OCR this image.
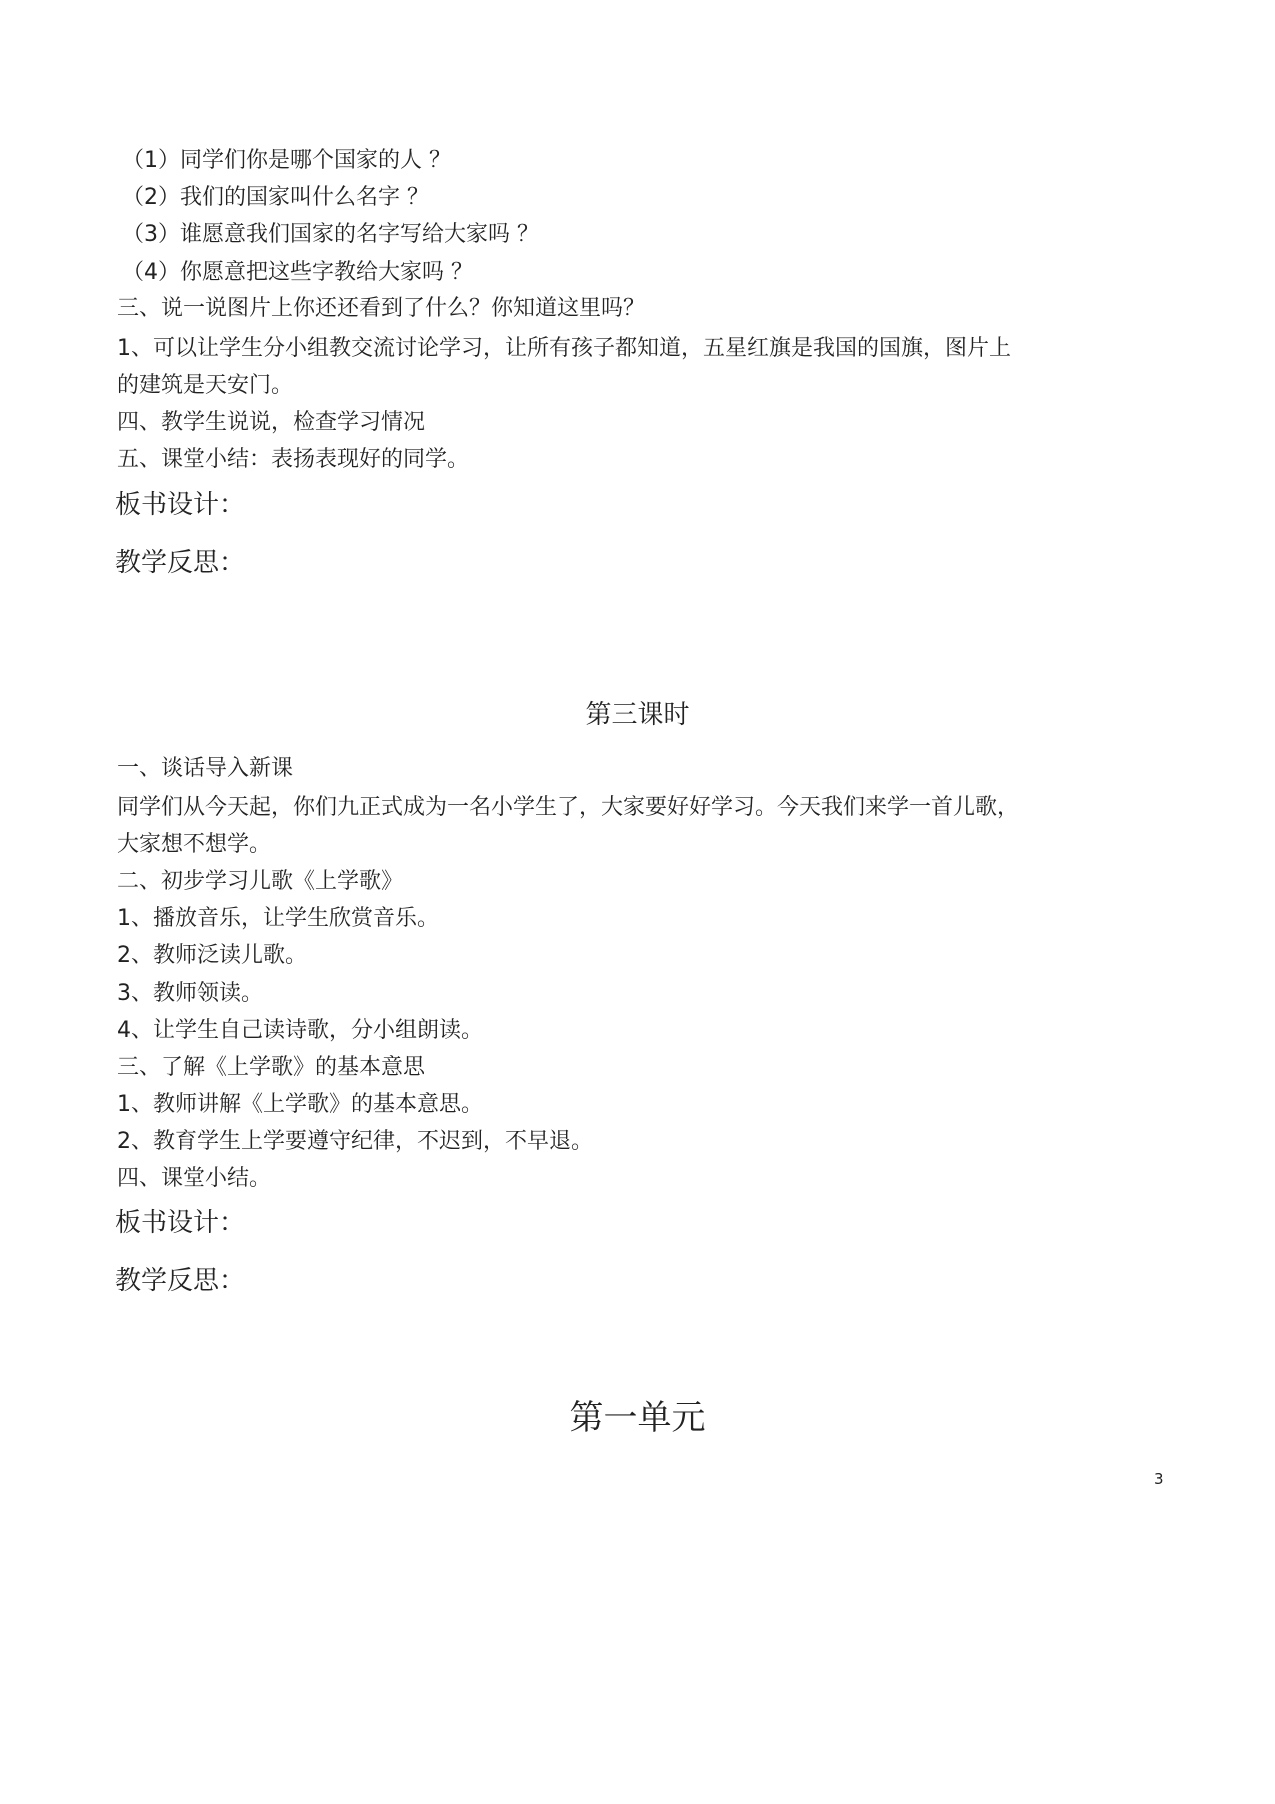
（1）同学们你是哪个国家的人 ？
（2）我们的国家叫什么名字 ？
（3）谁愿意我们国家的名字写给大家吗 ？
（4）你愿意把这些字教给大家吗 ？
三、说一说图片上你还还看到了什么？你知道这里吗？
1、可以让学生分小组教交流讨论学习，让所有孩子都知道，五星红旗是我国的国旗，图片上
的建筑是天安门。
四、教学生说说，检查学习情况
五、课堂小结：表扬表现好的同学。
板书设计：
教学反思：
第三课时
一、谈话导入新课
同学们从今天起，你们九正式成为一名小学生了，大家要好好学习。今天我们来学一首儿歌，
大家想不想学。
二、初步学习儿歌《上学歌》
1、播放音乐，让学生欣赏音乐。
2、教师泛读儿歌。
3、教师领读。
4、让学生自己读诗歌，分小组朗读。
三、了解《上学歌》的基本意思
1、教师讲解《上学歌》的基本意思。
2、教育学生上学要遵守纪律，不迟到，不早退。
四、课堂小结。
板书设计：
教学反思：
第一单元
3
